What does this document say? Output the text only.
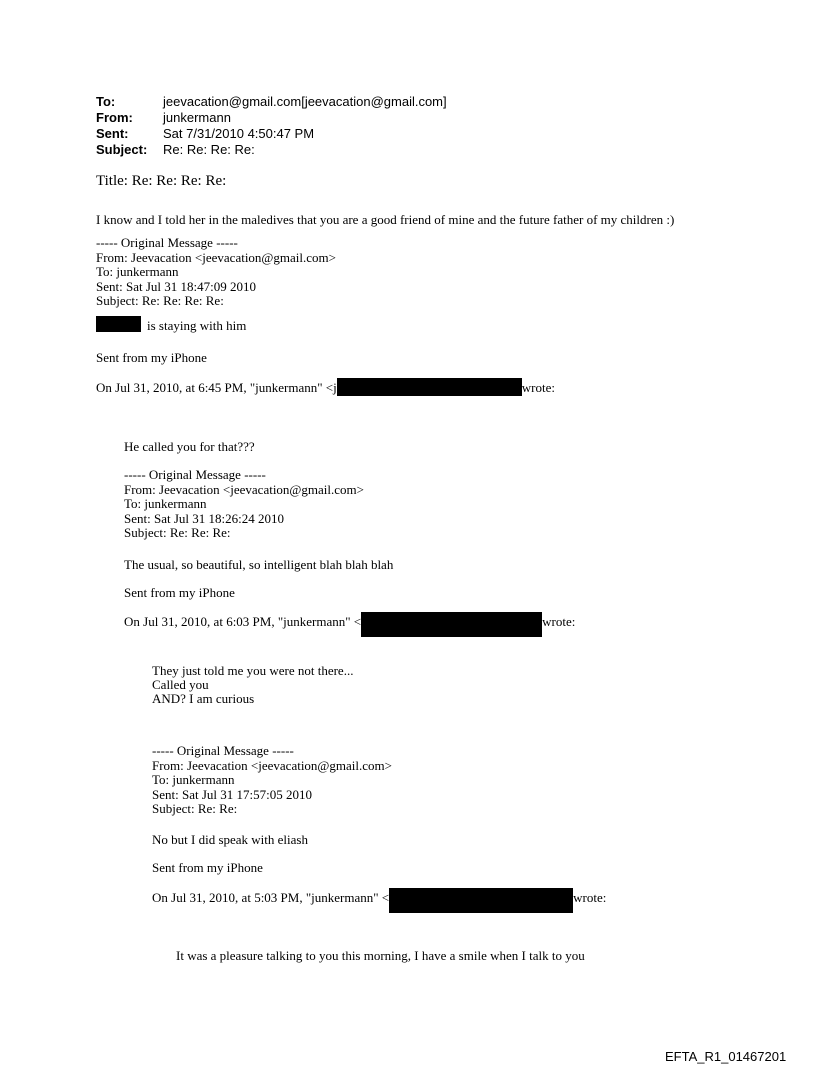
To:	jeevacation@gmail.com[jeevacation@gmail.com]
From:	junkermann
Sent:	Sat 7/31/2010 4:50:47 PM
Subject:	Re: Re: Re: Re:
Title: Re: Re: Re: Re:
I know and I told her in the maledives that you are a good friend of mine and the future father of my children :)
----- Original Message -----
From: Jeevacation <jeevacation@gmail.com>
To: junkermann
Sent: Sat Jul 31 18:47:09 2010
Subject: Re: Re: Re: Re:
is staying with him
Sent from my iPhone
On Jul 31, 2010, at 6:45 PM, "junkermann" <j	wrote:
He called you for that???
----- Original Message -----
From: Jeevacation <jeevacation@gmail.com>
To: junkermann
Sent: Sat Jul 31 18:26:24 2010
Subject: Re: Re: Re:
The usual, so beautiful, so intelligent blah blah blah
Sent from my iPhone
On Jul 31, 2010, at 6:03 PM, "junkermann" <	wrote:
They just told me you were not there...
Called you
AND? I am curious
----- Original Message -----
From: Jeevacation <jeevacation@gmail.com>
To: junkermann
Sent: Sat Jul 31 17:57:05 2010
Subject: Re: Re:
No but I did speak with eliash
Sent from my iPhone
On Jul 31, 2010, at 5:03 PM, "junkermann" <	wrote:
It was a pleasure talking to you this morning, I have a smile when I talk to you
EFTA_R1_01467201
